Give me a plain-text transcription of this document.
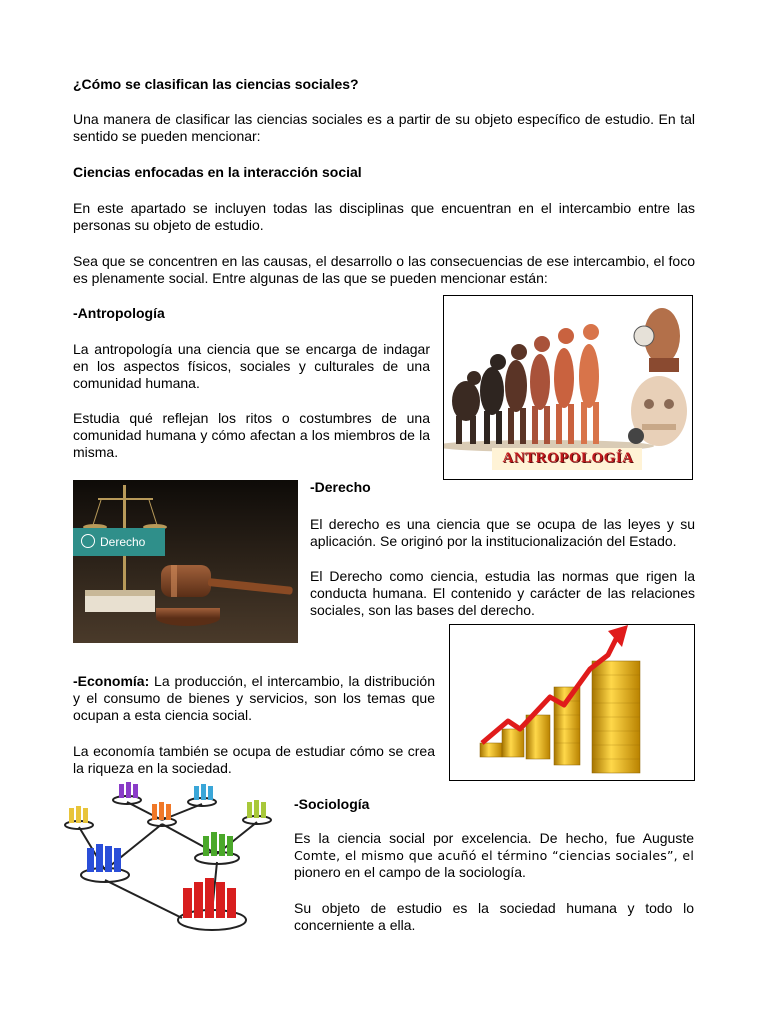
¿Cómo se clasifican las ciencias sociales?

Una manera de clasificar las ciencias sociales es a partir de su objeto específico de estudio. En tal sentido se pueden mencionar:

Ciencias enfocadas en la interacción social

En este apartado se incluyen todas las disciplinas que encuentran en el intercambio entre las personas su objeto de estudio.

Sea que se concentren en las causas, el desarrollo o las consecuencias de ese intercambio, el foco es plenamente social. Entre algunas de las que se pueden mencionar están:

-Antropología

La antropología una ciencia que se encarga de indagar en los aspectos físicos, sociales y culturales de una comunidad humana.

Estudia qué reflejan los ritos o costumbres de una comunidad humana y cómo afectan a los miembros de la misma.	ANTROPOLOGÍA
Derecho

-Derecho

El derecho es una ciencia que se ocupa de las leyes y su aplicación. Se originó por la institucionalización del Estado.

El Derecho como ciencia, estudia las normas que rigen la conducta humana. El contenido y carácter de las relaciones sociales, son las bases del derecho.

-Economía: La producción, el intercambio, la distribución y el consumo de bienes y servicios, son los temas que ocupan a esta ciencia social.

La economía también se ocupa de estudiar cómo se crea la riqueza en la sociedad.

-Sociología

Es la ciencia social por excelencia. De hecho, fue Auguste Comte, el mismo que acuñó el término “ciencias sociales”, el pionero en el campo de la sociología.

Su objeto de estudio es la sociedad humana y todo lo concerniente a ella.
